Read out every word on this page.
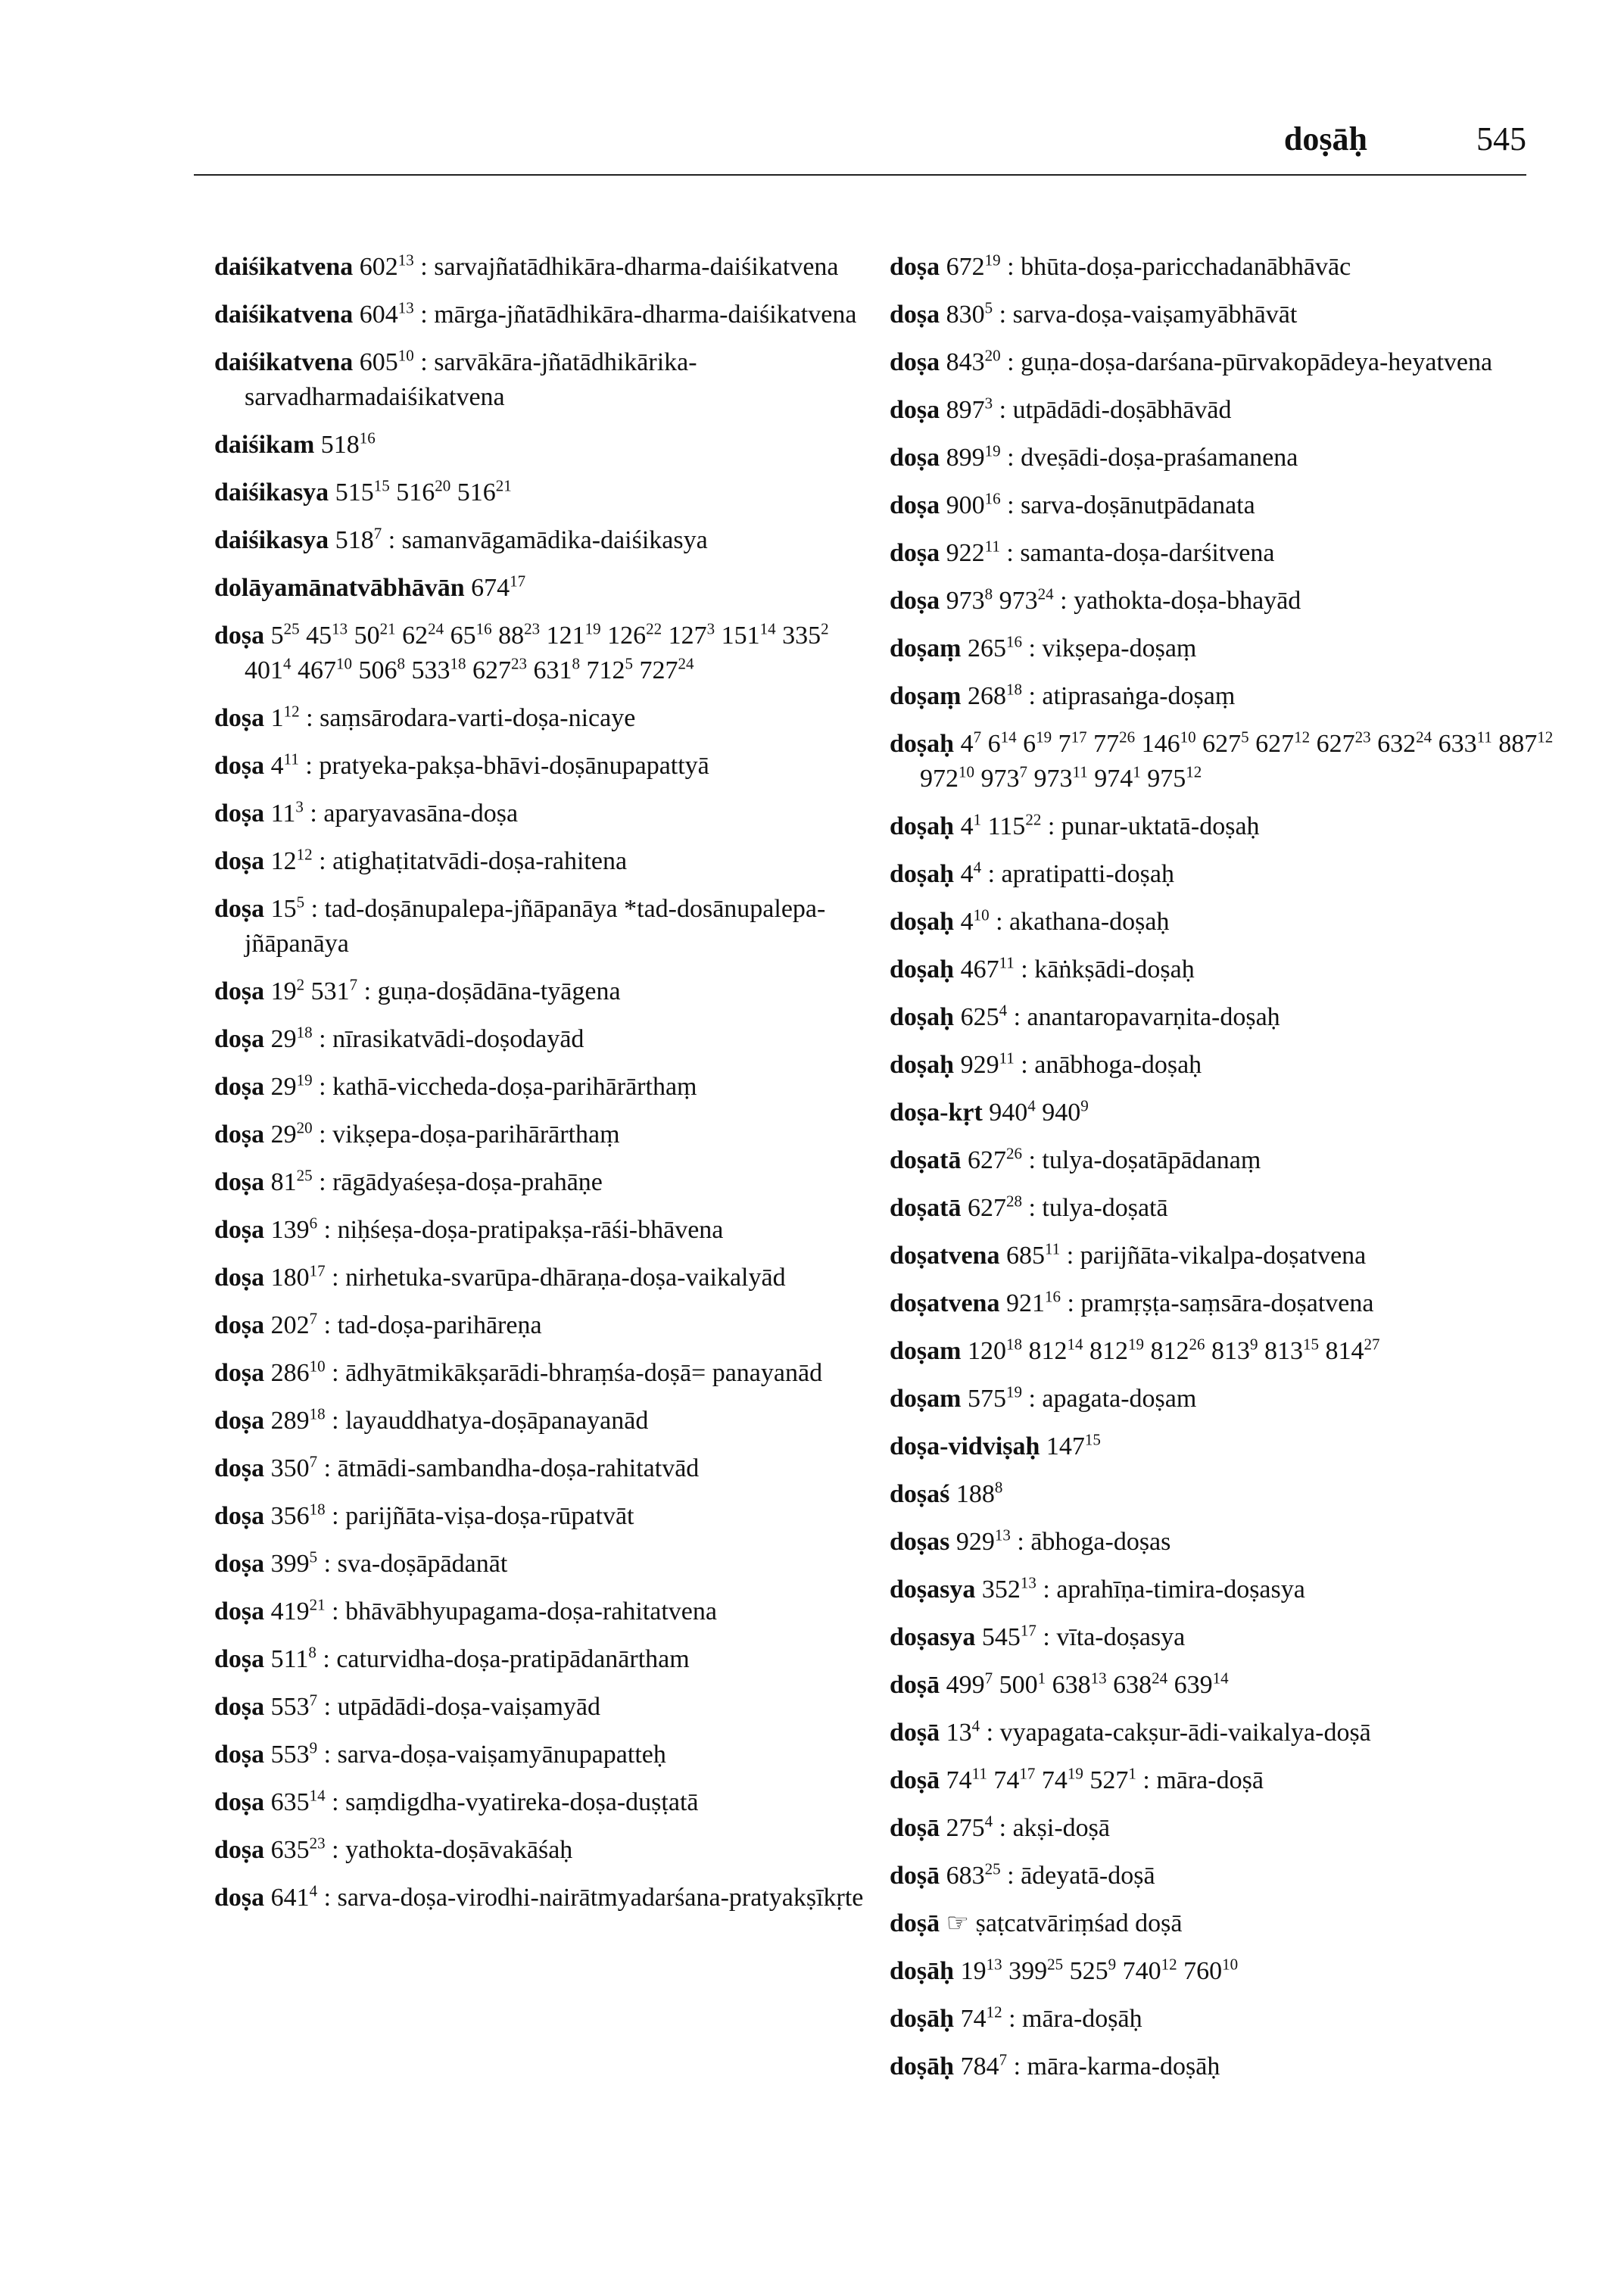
doṣāḥ	545
daiśikatvena $602^{13}$ : sarvajñatādhikāra-dharma-daiśikatvena
daiśikatvena $604^{13}$ : mārga-jñatādhikāra-dharma-daiśikatvena
daiśikatvena $605^{10}$ : sarvākāra-jñatādhikārika-sarvadharmadaiśikatvena
daiśikam $518^{16}$
daiśikasya $515^{15}$ $516^{20}$ $516^{21}$
daiśikasya $518^7$ : samanvāgamādika-daiśikasya
dolāyamānatvābhāvān $674^{17}$
doṣa $5^{25}$ $45^{13}$ $50^{21}$ $62^{24}$ $65^{16}$ $88^{23}$ $121^{19}$ $126^{22}$ $127^3$ $151^{14}$ $335^2$ $401^4$ $467^{10}$ $506^8$ $533^{18}$ $627^{23}$ $631^8$ $712^5$ $727^{24}$
doṣa $1^{12}$ : saṃsārodara-varti-doṣa-nicaye
doṣa $4^{11}$ : pratyeka-pakṣa-bhāvi-doṣānupapattyā
doṣa $11^3$ : aparyavasāna-doṣa
doṣa $12^{12}$ : atighaṭitatvādi-doṣa-rahitena
doṣa $15^5$ : tad-doṣānupalepa-jñāpanāya *tad-dosānupalepa-jñāpanāya
doṣa $19^2$ $531^7$ : guṇa-doṣādāna-tyāgena
doṣa $29^{18}$ : nīrasikatvādi-doṣodayād
doṣa $29^{19}$ : kathā-viccheda-doṣa-parihārārthaṃ
doṣa $29^{20}$ : vikṣepa-doṣa-parihārārthaṃ
doṣa $81^{25}$ : rāgādyaśeṣa-doṣa-prahāṇe
doṣa $139^6$ : niḥśeṣa-doṣa-pratipakṣa-rāśi-bhāvena
doṣa $180^{17}$ : nirhetuka-svarūpa-dhāraṇa-doṣa-vaikalyād
doṣa $202^7$ : tad-doṣa-parihāreṇa
doṣa $286^{10}$ : ādhyātmikākṣarādi-bhraṃśa-doṣā= panayanād
doṣa $289^{18}$ : layauddhatya-doṣāpanayanād
doṣa $350^7$ : ātmādi-sambandha-doṣa-rahitatvād
doṣa $356^{18}$ : parijñāta-viṣa-doṣa-rūpatvāt
doṣa $399^5$ : sva-doṣāpādanāt
doṣa $419^{21}$ : bhāvābhyupagama-doṣa-rahitatvena
doṣa $511^8$ : caturvidha-doṣa-pratipādanārtham
doṣa $553^7$ : utpādādi-doṣa-vaiṣamyād
doṣa $553^9$ : sarva-doṣa-vaiṣamyānupapatteḥ
doṣa $635^{14}$ : saṃdigdha-vyatireka-doṣa-duṣṭatā
doṣa $635^{23}$ : yathokta-doṣāvakāśaḥ
doṣa $641^4$ : sarva-doṣa-virodhi-nairātmyadarśana-pratyakṣīkṛte
doṣa $672^{19}$ : bhūta-doṣa-paricchadanābhāvāc
doṣa $830^5$ : sarva-doṣa-vaiṣamyābhāvāt
doṣa $843^{20}$ : guṇa-doṣa-darśana-pūrvakopādeya-heyatvena
doṣa $897^3$ : utpādādi-doṣābhāvād
doṣa $899^{19}$ : dveṣādi-doṣa-praśamanena
doṣa $900^{16}$ : sarva-doṣānutpādanata
doṣa $922^{11}$ : samanta-doṣa-darśitvena
doṣa $973^8$ $973^{24}$ : yathokta-doṣa-bhayād
doṣaṃ $265^{16}$ : vikṣepa-doṣaṃ
doṣaṃ $268^{18}$ : atiprasaṅga-doṣaṃ
doṣaḥ $4^7$ $6^{14}$ $6^{19}$ $7^{17}$ $77^{26}$ $146^{10}$ $627^5$ $627^{12}$ $627^{23}$ $632^{24}$ $633^{11}$ $887^{12}$ $972^{10}$ $973^7$ $973^{11}$ $974^1$ $975^{12}$
doṣaḥ $4^1$ $115^{22}$ : punar-uktatā-doṣaḥ
doṣaḥ $4^4$ : apratipatti-doṣaḥ
doṣaḥ $4^{10}$ : akathana-doṣaḥ
doṣaḥ $467^{11}$ : kāṅkṣādi-doṣaḥ
doṣaḥ $625^4$ : anantaropavarṇita-doṣaḥ
doṣaḥ $929^{11}$ : anābhoga-doṣaḥ
doṣa-kṛt $940^4$ $940^9$
doṣatā $627^{26}$ : tulya-doṣatāpādanaṃ
doṣatā $627^{28}$ : tulya-doṣatā
doṣatvena $685^{11}$ : parijñāta-vikalpa-doṣatvena
doṣatvena $921^{16}$ : pramṛṣṭa-saṃsāra-doṣatvena
doṣam $120^{18}$ $812^{14}$ $812^{19}$ $812^{26}$ $813^9$ $813^{15}$ $814^{27}$
doṣam $575^{19}$ : apagata-doṣam
doṣa-vidviṣaḥ $147^{15}$
doṣaś $188^8$
doṣas $929^{13}$ : ābhoga-doṣas
doṣasya $352^{13}$ : aprahīṇa-timira-doṣasya
doṣasya $545^{17}$ : vīta-doṣasya
doṣā $499^7$ $500^1$ $638^{13}$ $638^{24}$ $639^{14}$
doṣā $13^4$ : vyapagata-cakṣur-ādi-vaikalya-doṣā
doṣā $74^{11}$ $74^{17}$ $74^{19}$ $527^1$ : māra-doṣā
doṣā $275^4$ : akṣi-doṣā
doṣā $683^{25}$ : ādeyatā-doṣā
doṣā ☞ ṣaṭcatvāriṃśad doṣā
doṣāḥ $19^{13}$ $399^{25}$ $525^9$ $740^{12}$ $760^{10}$
doṣāḥ $74^{12}$ : māra-doṣāḥ
doṣāḥ $784^7$ : māra-karma-doṣāḥ
